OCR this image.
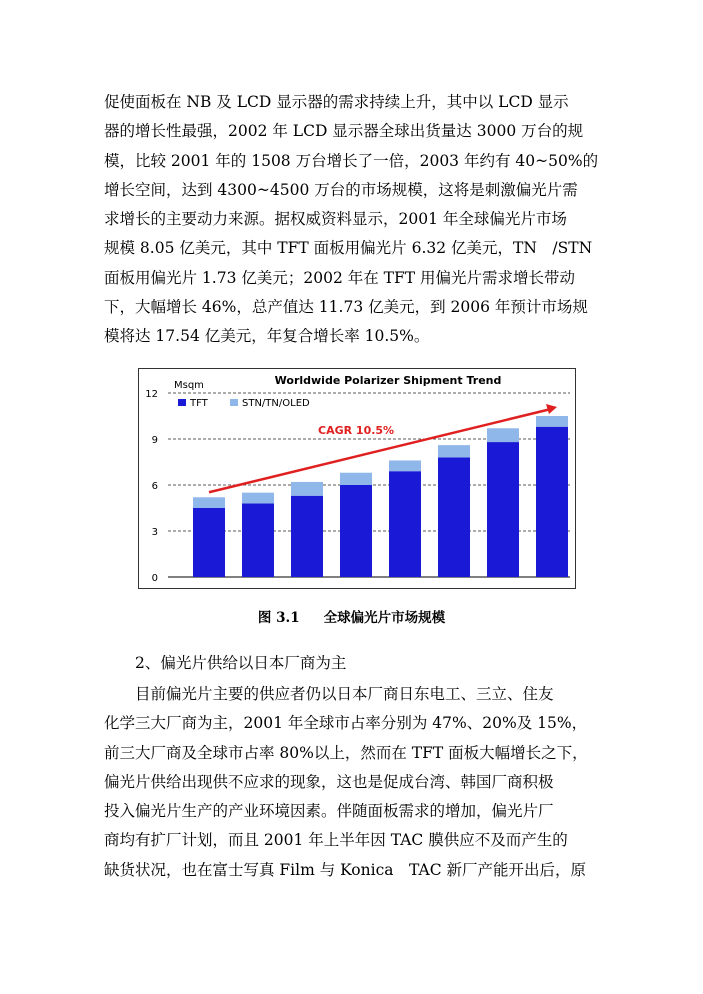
促使面板在 NB 及 LCD 显示器的需求持续上升，其中以 LCD 显示
器的增长性最强，2002 年 LCD 显示器全球出货量达 3000 万台的规
模，比较 2001 年的 1508 万台增长了一倍，2003 年约有 40~50%的
增长空间，达到 4300~4500 万台的市场规模，这将是刺激偏光片需
求增长的主要动力来源。据权威资料显示，2001 年全球偏光片市场
规模 8.05 亿美元，其中 TFT 面板用偏光片 6.32 亿美元，TN　/STN
面板用偏光片 1.73 亿美元；2002 年在 TFT 用偏光片需求增长带动
下，大幅增长 46%，总产值达 11.73 亿美元，到 2006 年预计市场规
模将达 17.54 亿美元，年复合增长率 10.5%。
Worldwide Polarizer Shipment Trend
Msqm
0
3
6
9
12
TFT	STN/TN/OLED
CAGR 10.5%
图 3.1 全球偏光片市场规模
2、偏光片供给以日本厂商为主
目前偏光片主要的供应者仍以日本厂商日东电工、三立、住友
化学三大厂商为主，2001 年全球市占率分别为 47%、20%及 15%，
前三大厂商及全球市占率 80%以上，然而在 TFT 面板大幅增长之下，
偏光片供给出现供不应求的现象，这也是促成台湾、韩国厂商积极
投入偏光片生产的产业环境因素。伴随面板需求的增加，偏光片厂
商均有扩厂计划，而且 2001 年上半年因 TAC 膜供应不及而产生的
缺货状况，也在富士写真 Film 与 Konica　TAC 新厂产能开出后，原
